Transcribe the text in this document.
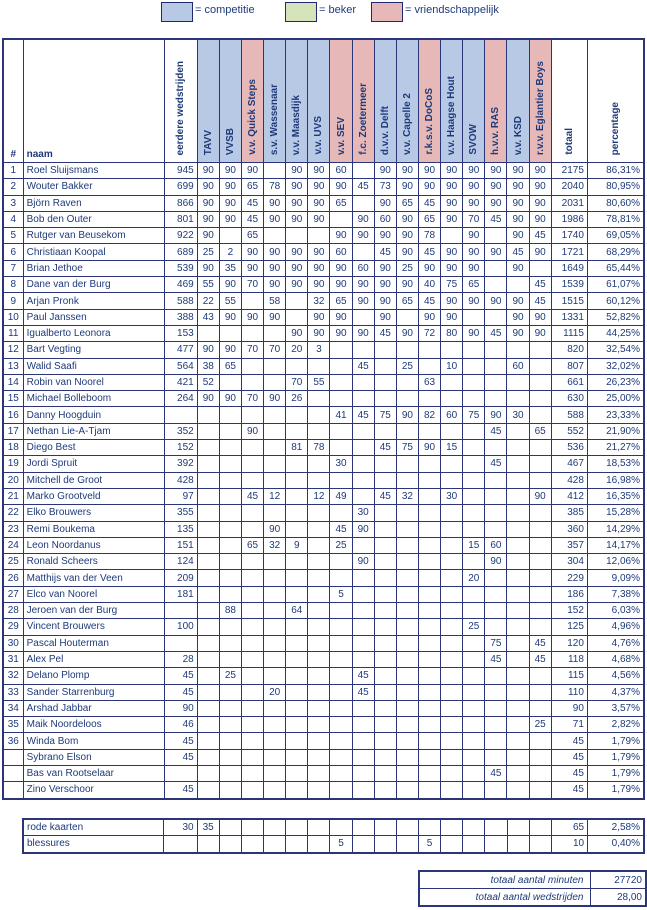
= competitie	= beker	= vriendschappelijk
#	naam	eerdere wedstrijden	TAVV	VVSB	v.v. Quick Steps	s.v. Wassenaar	v.v. Maasdijk	v.v. UVS	v.v. SEV	f.c. Zoetermeer	d.v.v. Delft	v.v. Capelle 2	r.k.s.v. DoCoS	v.v. Haagse Hout	SVOW	h.v.v. RAS	v.v. KSD	r.v.v. Eglantier Boys	totaal	percentage
1	Roel Sluijsmans	945	90	90	90		90	90	60		90	90	90	90	90	90	90	90	2175	86,31%
2	Wouter Bakker	699	90	90	65	78	90	90	90	45	73	90	90	90	90	90	90	90	2040	80,95%
3	Björn Raven	866	90	90	45	90	90	90	65		90	65	45	90	90	90	90	90	2031	80,60%
4	Bob den Outer	801	90	90	45	90	90	90		90	60	90	65	90	70	45	90	90	1986	78,81%
5	Rutger van Beusekom	922	90		65				90	90	90	90	78		90		90	45	1740	69,05%
6	Christiaan Koopal	689	25	2	90	90	90	90	60		45	90	45	90	90	90	45	90	1721	68,29%
7	Brian Jethoe	539	90	35	90	90	90	90	90	60	90	25	90	90	90		90		1649	65,44%
8	Dane van der Burg	469	55	90	70	90	90	90	90	90	90	90	40	75	65			45	1539	61,07%
9	Arjan Pronk	588	22	55		58		32	65	90	90	65	45	90	90	90	90	45	1515	60,12%
10	Paul Janssen	388	43	90	90	90		90	90		90		90	90			90	90	1331	52,82%
11	Igualberto Leonora	153					90	90	90	90	45	90	72	80	90	45	90	90	1115	44,25%
12	Bart Vegting	477	90	90	70	70	20	3											820	32,54%
13	Walid Saafi	564	38	65						45		25		10			60		807	32,02%
14	Robin van Noorel	421	52				70	55					63						661	26,23%
15	Michael Bolleboom	264	90	90	70	90	26												630	25,00%
16	Danny Hoogduin								41	45	75	90	82	60	75	90	30		588	23,33%
17	Nethan Lie-A-Tjam	352			90											45		65	552	21,90%
18	Diego Best	152					81	78			45	75	90	15					536	21,27%
19	Jordi Spruit	392							30							45			467	18,53%
20	Mitchell de Groot	428																	428	16,98%
21	Marko Grootveld	97			45	12		12	49		45	32		30				90	412	16,35%
22	Elko Brouwers	355								30									385	15,28%
23	Remi Boukema	135				90			45	90									360	14,29%
24	Leon Noordanus	151			65	32	9		25						15	60			357	14,17%
25	Ronald Scheers	124								90						90			304	12,06%
26	Matthijs van der Veen	209													20				229	9,09%
27	Elco van Noorel	181							5										186	7,38%
28	Jeroen van der Burg			88			64												152	6,03%
29	Vincent Brouwers	100													25				125	4,96%
30	Pascal Houterman															75		45	120	4,76%
31	Alex Pel	28														45		45	118	4,68%
32	Delano Plomp	45		25						45									115	4,56%
33	Sander Starrenburg	45				20				45									110	4,37%
34	Arshad Jabbar	90																	90	3,57%
35	Maik Noordeloos	46																25	71	2,82%
36	Winda Bom	45																	45	1,79%
	Sybrano Elson	45																	45	1,79%
	Bas van Rootselaar															45			45	1,79%
	Zino Verschoor	45																	45	1,79%
rode kaarten	30	35																65	2,58%
blessures								5				5						10	0,40%
totaal aantal minuten	27720
totaal aantal wedstrijden	28,00
